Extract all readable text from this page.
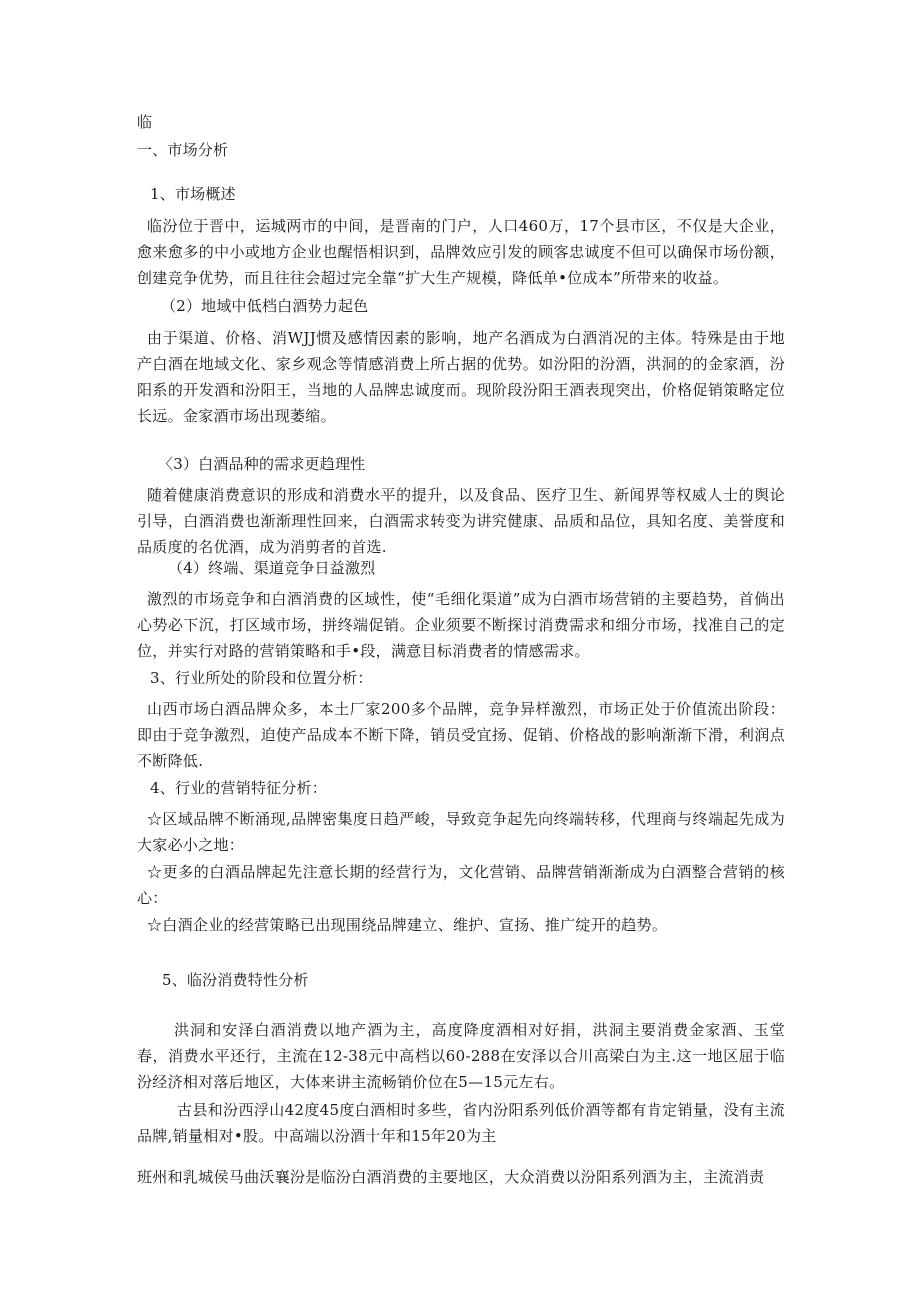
临
一、市场分析
1、市场概述
临汾位于晋中，运城两市的中间，是晋南的门户，人口460万，17个县市区，不仅是大企业，愈来愈多的中小或地方企业也醒悟相识到，品牌效应引发的顾客忠诚度不但可以确保市场份额，创建竞争优势，而且往往会超过完全靠“扩大生产规模，降低单•位成本”所带来的收益。
（2）地域中低档白酒势力起色
由于渠道、价格、消WJJ惯及感情因素的影响，地产名酒成为白酒消况的主体。特殊是由于地产白酒在地域文化、家乡观念等情感消费上所占据的优势。如汾阳的汾酒，洪洞的的金家酒，汾阳系的开发酒和汾阳王，当地的人品牌忠诚度而。现阶段汾阳王酒表现突出，价格促销策略定位长远。金家酒市场出现萎缩。
〈3）白酒品种的需求更趋理性
随着健康消费意识的形成和消费水平的提升，以及食品、医疗卫生、新闻界等权威人士的舆论引导，白酒消费也渐渐理性回来，白酒需求转变为讲究健康、品质和品位，具知名度、美誉度和品质度的名优酒，成为消剪者的首选.
（4）终端、渠道竞争日益激烈
激烈的市场竞争和白酒消费的区域性，使“毛细化渠道”成为白酒市场营销的主要趋势，首倘出心势必下沉，打区域市场，拼终端促销。企业须要不断探讨消费需求和细分市场，找准自己的定位，并实行对路的营销策略和手•段，满意目标消费者的情感需求。
3、行业所处的阶段和位置分析：
山西市场白酒品牌众多，本土厂家200多个品牌，竞争异样激烈，市场正处于价值流出阶段：即由于竞争激烈，迫使产品成本不断下降，销员受宜扬、促销、价格战的影响渐渐下滑，利润点不断降低.
4、行业的营销特征分析：
☆区域品牌不断涌现,品牌密集度日趋严峻，导致竞争起先向终端转移，代理商与终端起先成为大家必小之地：
☆更多的白酒品牌起先注意长期的经营行为，文化营销、品牌营销渐渐成为白酒整合营销的核心：
☆白酒企业的经营策略已出现围绕品牌建立、维护、宣扬、推广绽开的趋势。
5、临汾消费特性分析
洪洞和安泽白酒消费以地产酒为主，高度降度酒相对好捐，洪洞主要消费金家酒、玉堂春，消费水平还行，主流在12-38元中高档以60-288在安泽以合川高梁白为主.这一地区屈于临汾经济相对落后地区，大体来讲主流畅销价位在5—15元左右。
古县和汾西浮山42度45度白酒相时多些，省内汾阳系列低价酒等都有肯定销量，没有主流品牌,销量相对•股。中高端以汾酒十年和15年20为主
班州和乳城侯马曲沃襄汾是临汾白酒消费的主要地区，大众消费以汾阳系列酒为主，主流消责
